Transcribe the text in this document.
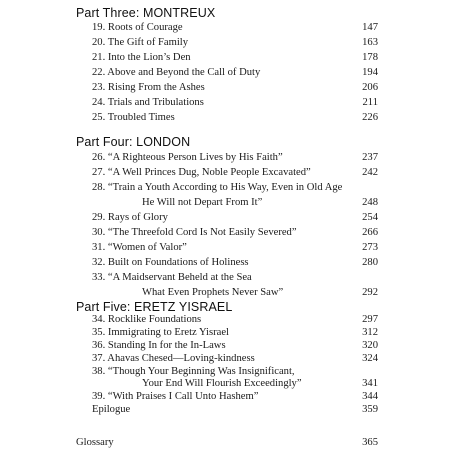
Part Three: MONTREUX
19. Roots of Courage	147
20. The Gift of Family	163
21. Into the Lion’s Den	178
22. Above and Beyond the Call of Duty	194
23. Rising From the Ashes	206
24. Trials and Tribulations	211
25. Troubled Times	226
Part Four: LONDON
26. “A Righteous Person Lives by His Faith”	237
27. “A Well Princes Dug, Noble People Excavated”	242
28. “Train a Youth According to His Way, Even in Old Age
He Will not Depart From It”	248
29. Rays of Glory	254
30. “The Threefold Cord Is Not Easily Severed”	266
31. “Women of Valor”	273
32. Built on Foundations of Holiness	280
33. “A Maidservant Beheld at the Sea
What Even Prophets Never Saw”	292
Part Five: ERETZ YISRAEL
34. Rocklike Foundations	297
35. Immigrating to Eretz Yisrael	312
36. Standing In for the In-Laws	320
37. Ahavas Chesed—Loving-kindness	324
38. “Though Your Beginning Was Insignificant,
Your End Will Flourish Exceedingly”	341
39. “With Praises I Call Unto Hashem”	344
Epilogue	359
Glossary	365
